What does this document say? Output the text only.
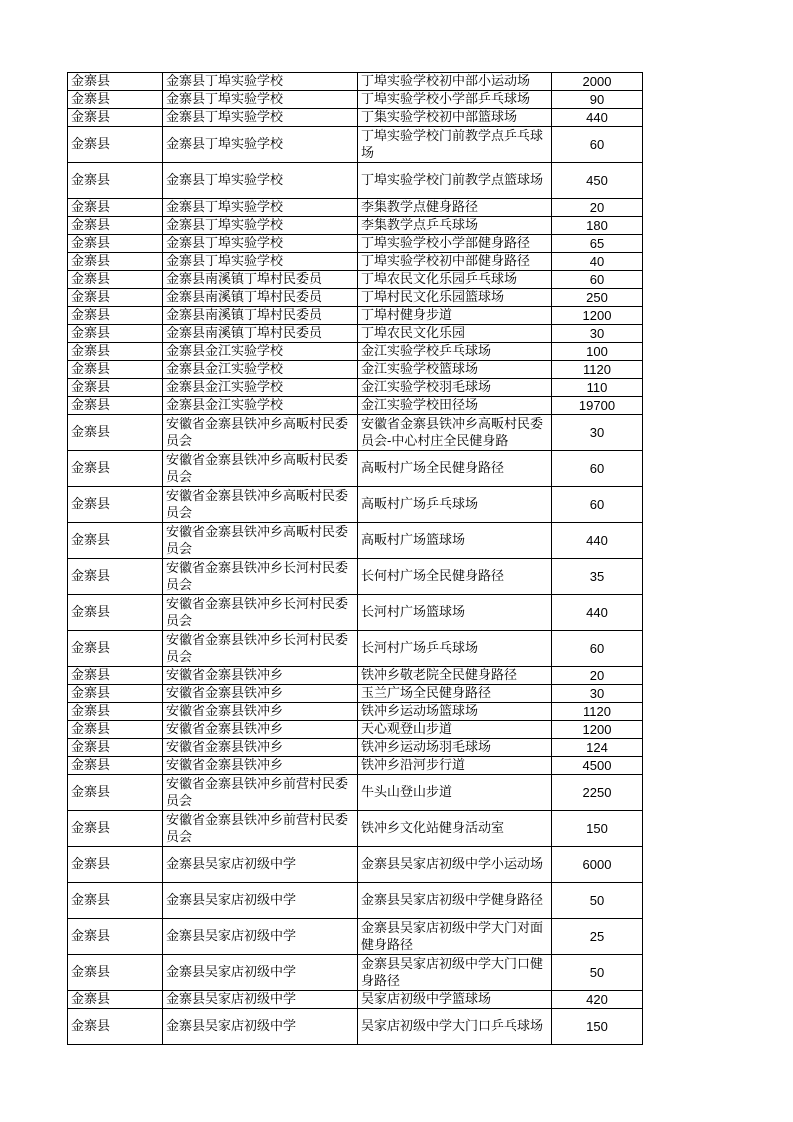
金寨县	金寨县丁埠实验学校	丁埠实验学校初中部小运动场	2000
金寨县	金寨县丁埠实验学校	丁埠实验学校小学部乒乓球场	90
金寨县	金寨县丁埠实验学校	丁集实验学校初中部篮球场	440
金寨县	金寨县丁埠实验学校	丁埠实验学校门前教学点乒乓球场	60
金寨县	金寨县丁埠实验学校	丁埠实验学校门前教学点篮球场	450
金寨县	金寨县丁埠实验学校	李集教学点健身路径	20
金寨县	金寨县丁埠实验学校	李集教学点乒乓球场	180
金寨县	金寨县丁埠实验学校	丁埠实验学校小学部健身路径	65
金寨县	金寨县丁埠实验学校	丁埠实验学校初中部健身路径	40
金寨县	金寨县南溪镇丁埠村民委员	丁埠农民文化乐园乒乓球场	60
金寨县	金寨县南溪镇丁埠村民委员	丁埠村民文化乐园篮球场	250
金寨县	金寨县南溪镇丁埠村民委员	丁埠村健身步道	1200
金寨县	金寨县南溪镇丁埠村民委员	丁埠农民文化乐园	30
金寨县	金寨县金江实验学校	金江实验学校乒乓球场	100
金寨县	金寨县金江实验学校	金江实验学校篮球场	1120
金寨县	金寨县金江实验学校	金江实验学校羽毛球场	110
金寨县	金寨县金江实验学校	金江实验学校田径场	19700
金寨县	安徽省金寨县铁冲乡高畈村民委员会	安徽省金寨县铁冲乡高畈村民委员会-中心村庄全民健身路	30
金寨县	安徽省金寨县铁冲乡高畈村民委员会	高畈村广场全民健身路径	60
金寨县	安徽省金寨县铁冲乡高畈村民委员会	高畈村广场乒乓球场	60
金寨县	安徽省金寨县铁冲乡高畈村民委员会	高畈村广场篮球场	440
金寨县	安徽省金寨县铁冲乡长河村民委员会	长何村广场全民健身路径	35
金寨县	安徽省金寨县铁冲乡长河村民委员会	长河村广场篮球场	440
金寨县	安徽省金寨县铁冲乡长河村民委员会	长河村广场乒乓球场	60
金寨县	安徽省金寨县铁冲乡	铁冲乡敬老院全民健身路径	20
金寨县	安徽省金寨县铁冲乡	玉兰广场全民健身路径	30
金寨县	安徽省金寨县铁冲乡	铁冲乡运动场篮球场	1120
金寨县	安徽省金寨县铁冲乡	天心观登山步道	1200
金寨县	安徽省金寨县铁冲乡	铁冲乡运动场羽毛球场	124
金寨县	安徽省金寨县铁冲乡	铁冲乡沿河步行道	4500
金寨县	安徽省金寨县铁冲乡前营村民委员会	牛头山登山步道	2250
金寨县	安徽省金寨县铁冲乡前营村民委员会	铁冲乡文化站健身活动室	150
金寨县	金寨县吴家店初级中学	金寨县吴家店初级中学小运动场	6000
金寨县	金寨县吴家店初级中学	金寨县吴家店初级中学健身路径	50
金寨县	金寨县吴家店初级中学	金寨县吴家店初级中学大门对面健身路径	25
金寨县	金寨县吴家店初级中学	金寨县吴家店初级中学大门口健身路径	50
金寨县	金寨县吴家店初级中学	吴家店初级中学篮球场	420
金寨县	金寨县吴家店初级中学	吴家店初级中学大门口乒乓球场	150
